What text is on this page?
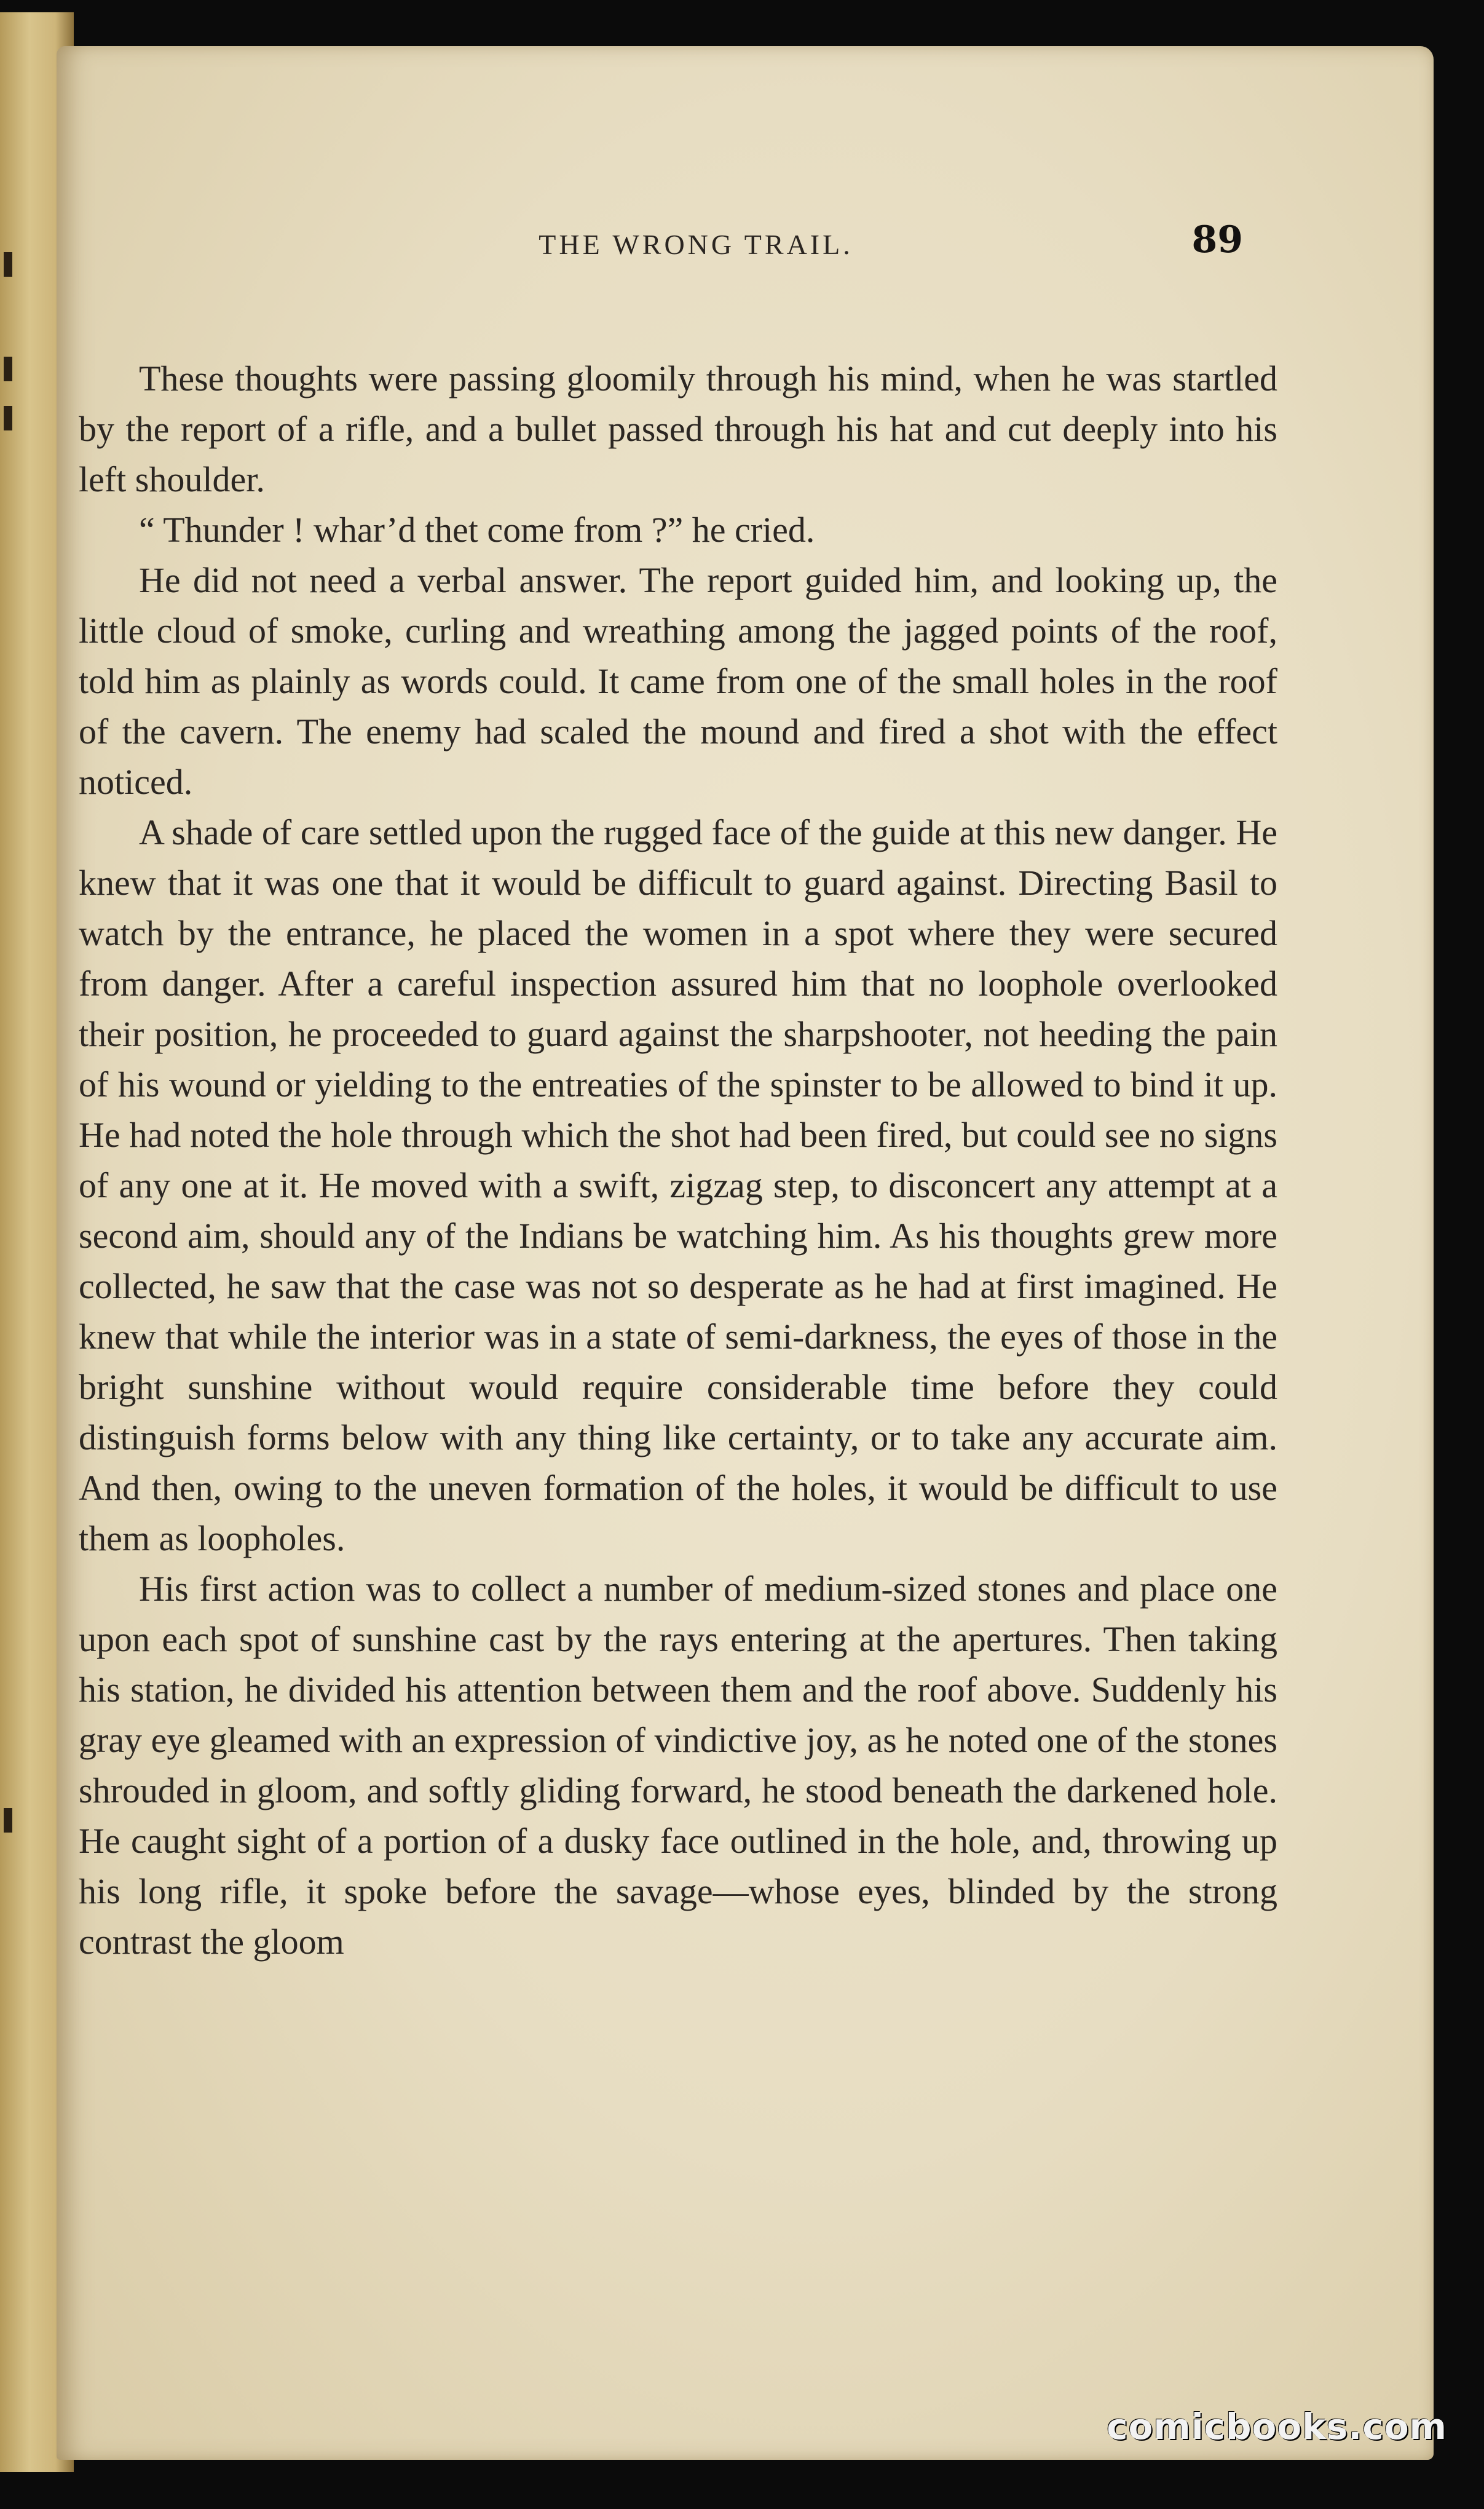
THE WRONG TRAIL.	89

These thoughts were passing gloomily through his mind, when he was startled by the report of a rifle, and a bullet passed through his hat and cut deeply into his left shoulder.

“ Thunder ! whar’d thet come from ?” he cried.

He did not need a verbal answer. The report guided him, and looking up, the little cloud of smoke, curling and wreathing among the jagged points of the roof, told him as plainly as words could. It came from one of the small holes in the roof of the cavern. The enemy had scaled the mound and fired a shot with the effect noticed.

A shade of care settled upon the rugged face of the guide at this new danger. He knew that it was one that it would be difficult to guard against. Directing Basil to watch by the entrance, he placed the women in a spot where they were secured from danger. After a careful inspection assured him that no loophole overlooked their position, he proceeded to guard against the sharpshooter, not heeding the pain of his wound or yielding to the entreaties of the spinster to be allowed to bind it up. He had noted the hole through which the shot had been fired, but could see no signs of any one at it. He moved with a swift, zigzag step, to disconcert any attempt at a second aim, should any of the Indians be watching him. As his thoughts grew more collected, he saw that the case was not so desperate as he had at first imagined. He knew that while the interior was in a state of semi-darkness, the eyes of those in the bright sunshine without would require considerable time before they could distinguish forms below with any thing like certainty, or to take any accurate aim. And then, owing to the uneven formation of the holes, it would be difficult to use them as loopholes.

His first action was to collect a number of medium-sized stones and place one upon each spot of sunshine cast by the rays entering at the apertures. Then taking his station, he divided his attention between them and the roof above. Suddenly his gray eye gleamed with an expression of vindictive joy, as he noted one of the stones shrouded in gloom, and softly gliding forward, he stood beneath the darkened hole. He caught sight of a portion of a dusky face outlined in the hole, and, throwing up his long rifle, it spoke before the savage—whose eyes, blinded by the strong contrast the gloom

comicbooks.com
